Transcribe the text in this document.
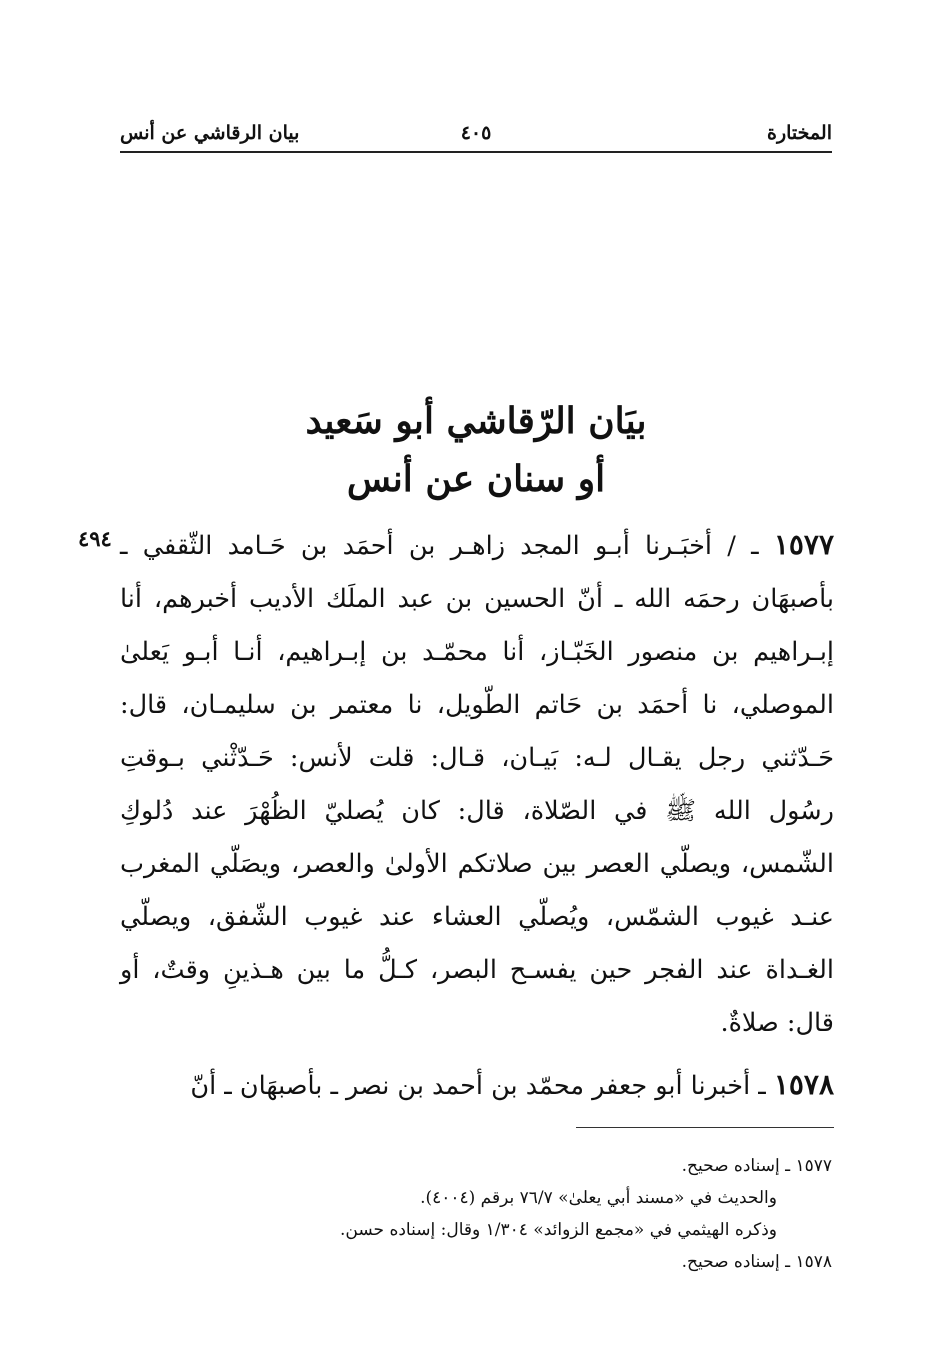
المختارة
٤٠٥
بيان الرقاشي عن أنس
بيَان الرّقاشي أبو سَعيد
أو سنان عن أنس
٤٩٤	١٥٧٧ ـ / أخبَـرنا أبـو المجد زاهـر بن أحمَد بن حَـامد الثّقفي ـ بأصبهَان رحمَه الله ـ أنّ الحسين بن عبد الملَك الأديب أخبرهم، أنا إبـراهيم بن منصور الخَبّـاز، أنا محمّـد بن إبـراهيم، أنـا أبـو يَعلىٰ الموصلي، نا أحمَد بن حَاتم الطّويل، نا معتمر بن سليمـان، قال: حَـدّثني رجل يقـال لـه: بَيـان، قـال: قلت لأنس: حَـدّثْني بـوقتِ رسُول الله ﷺ في الصّلاة، قال: كان يُصليّ الظُهْرَ عند دُلوكِ الشّمس، ويصلّي العصر بين صلاتكم الأولىٰ والعصر، ويصَلّي المغرب عنـد غيوب الشمّس، ويُصلّي العشاء عند غيوب الشّفق، ويصلّي الغـداة عند الفجر حين يفسـح البصر، كـلُّ ما بين هـذينِ وقتٌ، أو قال: صلاةٌ.

١٥٧٨ ـ أخبرنا أبو جعفر محمّد بن أحمد بن نصر ـ بأصبهَان ـ أنّ

١٥٧٧ ـ إسناده صحيح.

والحديث في «مسند أبي يعلىٰ» ٧٦/٧ برقم (٤٠٠٤).

وذكره الهيثمي في «مجمع الزوائد» ١/٣٠٤ وقال: إسناده حسن.

١٥٧٨ ـ إسناده صحيح.
